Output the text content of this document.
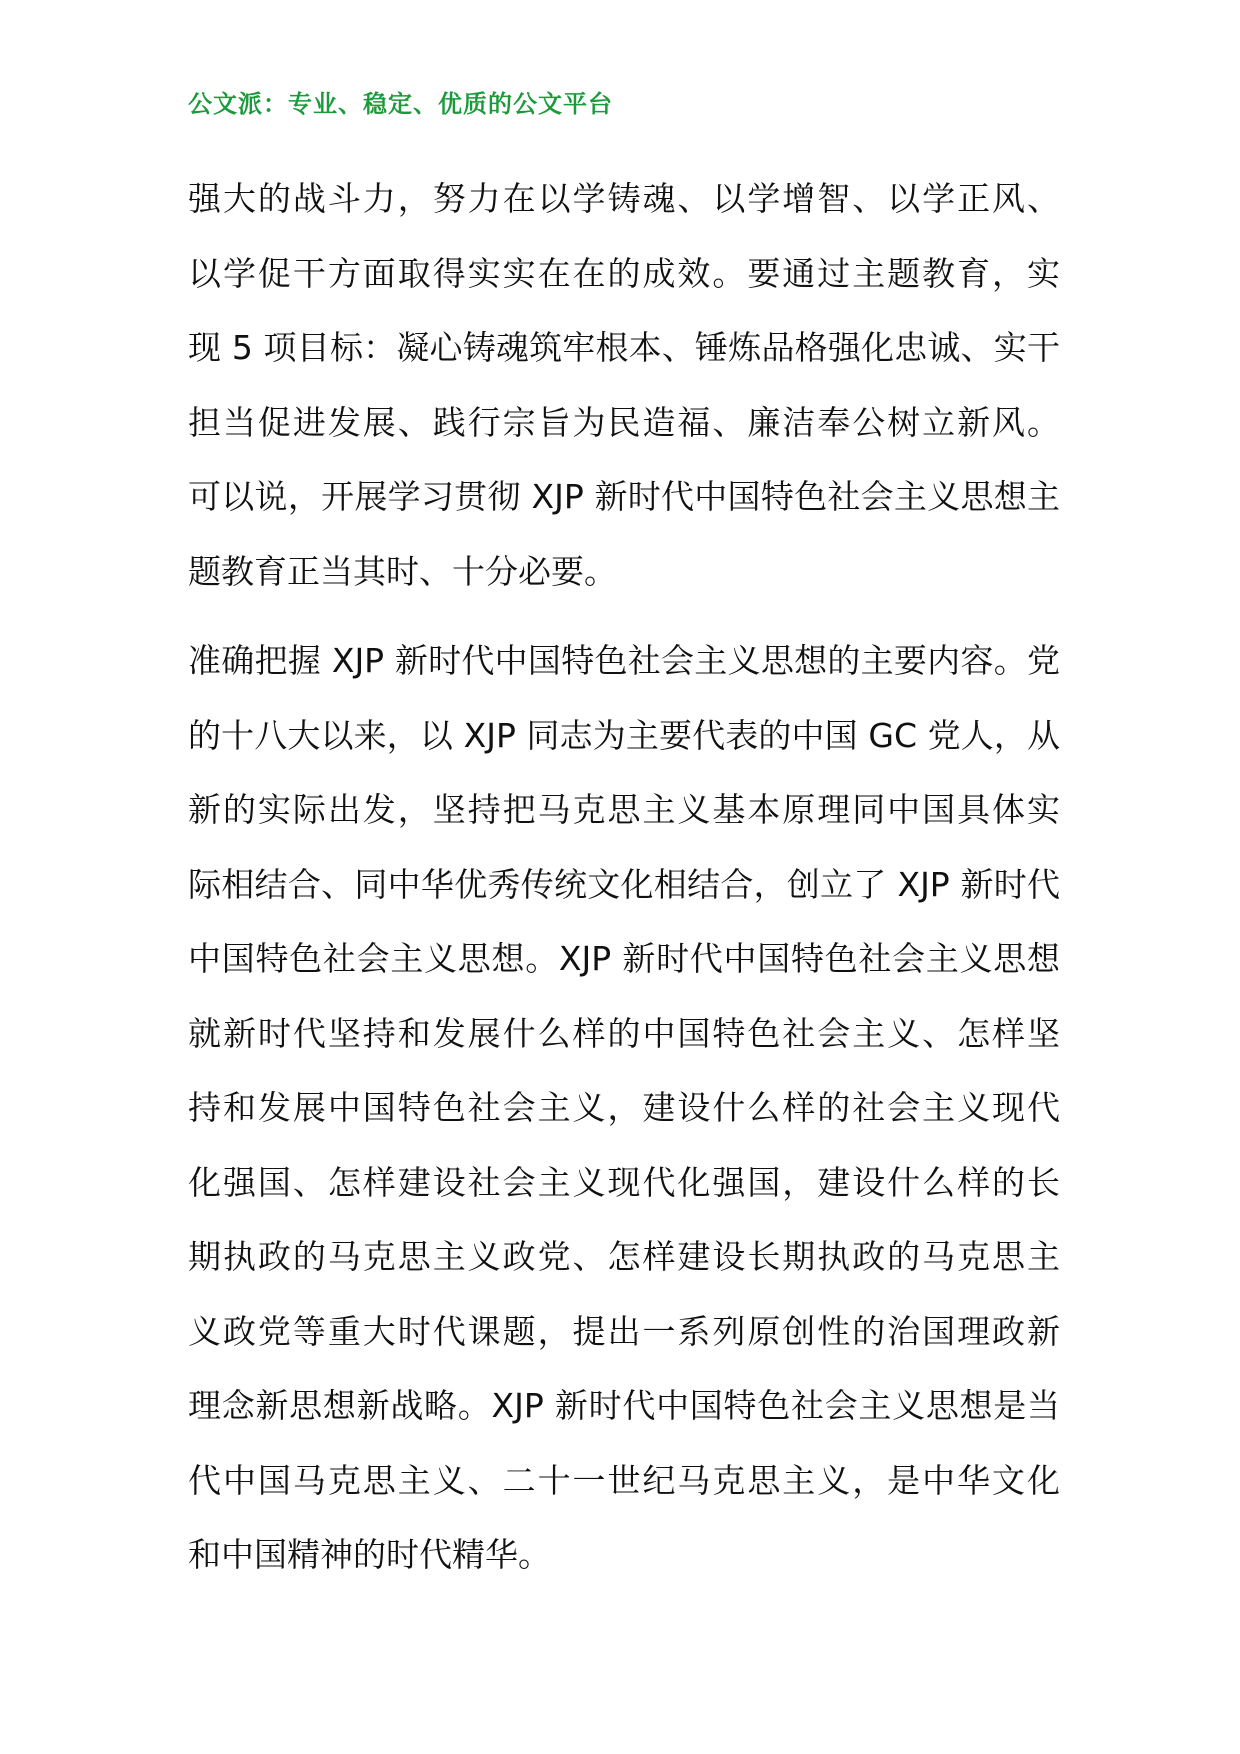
公文派：专业、稳定、优质的公文平台
强大的战斗力，努力在以学铸魂、以学增智、以学正风、
以学促干方面取得实实在在的成效。要通过主题教育，实
现 5 项目标：凝心铸魂筑牢根本、锤炼品格强化忠诚、实干
担当促进发展、践行宗旨为民造福、廉洁奉公树立新风。
可以说，开展学习贯彻 XJP 新时代中国特色社会主义思想主
题教育正当其时、十分必要。
准确把握 XJP 新时代中国特色社会主义思想的主要内容。党
的十八大以来，以 XJP 同志为主要代表的中国 GC 党人，从
新的实际出发，坚持把马克思主义基本原理同中国具体实
际相结合、同中华优秀传统文化相结合，创立了 XJP 新时代
中国特色社会主义思想。XJP 新时代中国特色社会主义思想
就新时代坚持和发展什么样的中国特色社会主义、怎样坚
持和发展中国特色社会主义，建设什么样的社会主义现代
化强国、怎样建设社会主义现代化强国，建设什么样的长
期执政的马克思主义政党、怎样建设长期执政的马克思主
义政党等重大时代课题，提出一系列原创性的治国理政新
理念新思想新战略。XJP 新时代中国特色社会主义思想是当
代中国马克思主义、二十一世纪马克思主义，是中华文化
和中国精神的时代精华。
